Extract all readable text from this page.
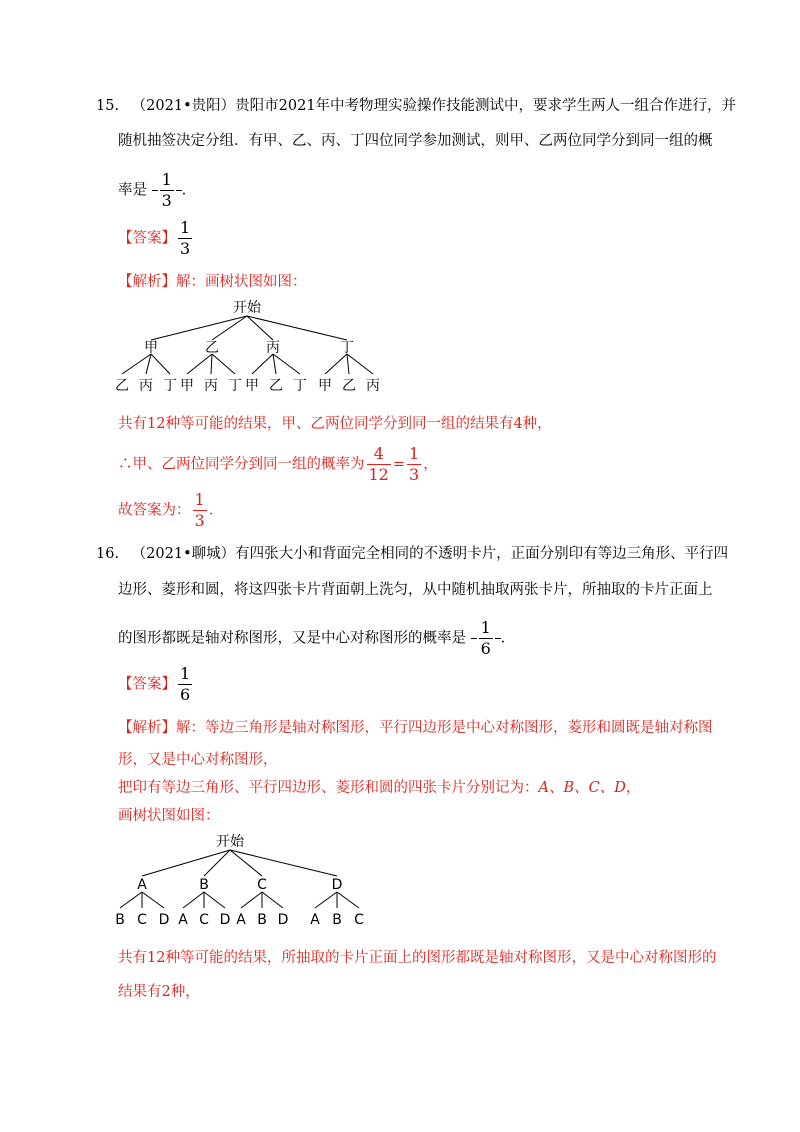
15. （2021•贵阳）贵阳市2021年中考物理实验操作技能测试中，要求学生两人一组合作进行，并
随机抽签决定分组．有甲、乙、丙、丁四位同学参加测试，则甲、乙两位同学分到同一组的概
率是 $\frac{1}{3}$ ．
【答案】 $\frac{1}{3}$
【解析】解：画树状图如图：
开始
甲	乙	丙	丁
乙 丙 丁 甲 丙 丁 甲 乙 丁 甲 乙 丙
共有12种等可能的结果，甲、乙两位同学分到同一组的结果有4种，
∴甲、乙两位同学分到同一组的概率为 $\frac{4}{12} = \frac{1}{3}$ ，
故答案为： $\frac{1}{3}$ ．
16. （2021•聊城）有四张大小和背面完全相同的不透明卡片，正面分别印有等边三角形、平行四
边形、菱形和圆，将这四张卡片背面朝上洗匀，从中随机抽取两张卡片，所抽取的卡片正面上
的图形都既是轴对称图形，又是中心对称图形的概率是 $\frac{1}{6}$ ．
【答案】 $\frac{1}{6}$
【解析】解：等边三角形是轴对称图形，平行四边形是中心对称图形，菱形和圆既是轴对称图
形，又是中心对称图形，
把印有等边三角形、平行四边形、菱形和圆的四张卡片分别记为：A、B、C、D，
画树状图如图：
开始
A	B	C	D
B C D A C D A B D A B C
共有12种等可能的结果，所抽取的卡片正面上的图形都既是轴对称图形，又是中心对称图形的
结果有2种，
